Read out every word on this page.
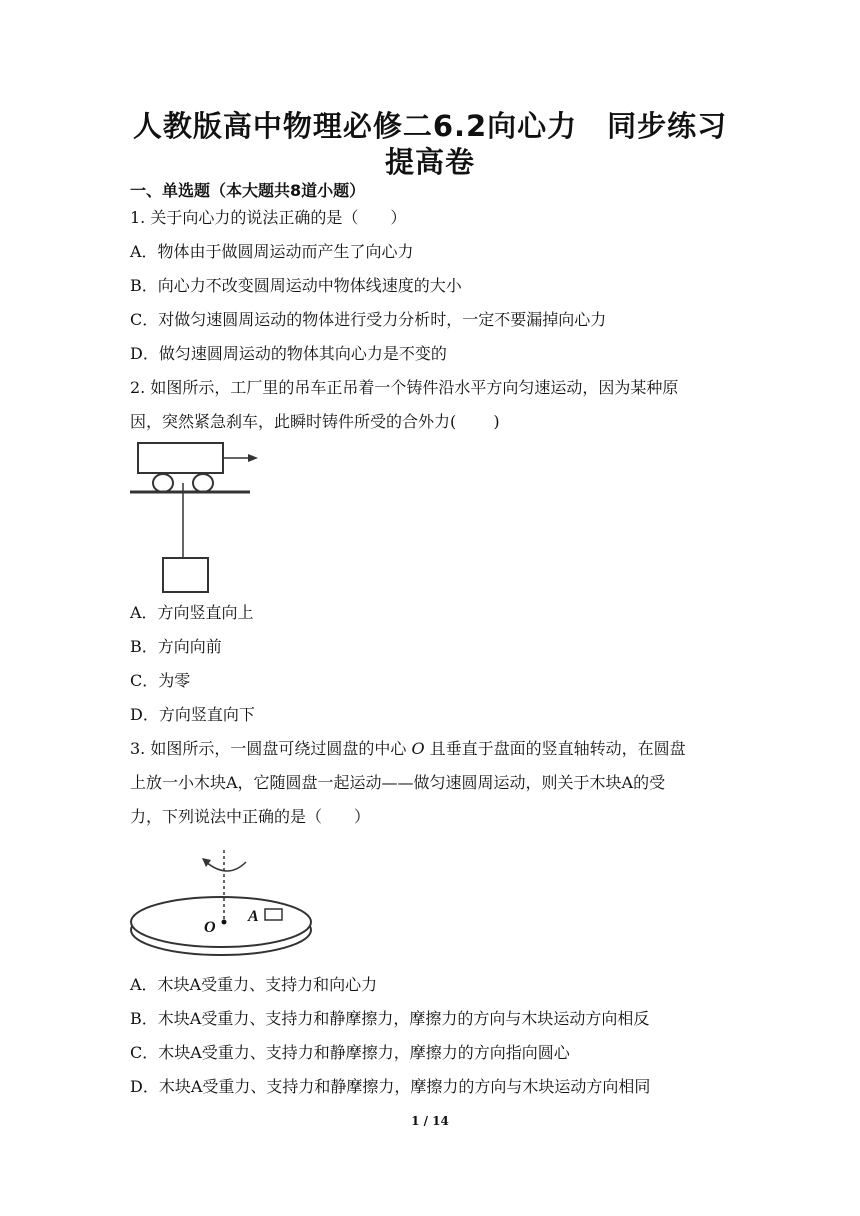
人教版高中物理必修二6.2向心力　同步练习
提高卷

一、单选题（本大题共8道小题）

1. 关于向心力的说法正确的是（　　）

A．物体由于做圆周运动而产生了向心力

B．向心力不改变圆周运动中物体线速度的大小

C．对做匀速圆周运动的物体进行受力分析时，一定不要漏掉向心力

D．做匀速圆周运动的物体其向心力是不变的

2. 如图所示，工厂里的吊车正吊着一个铸件沿水平方向匀速运动，因为某种原

因，突然紧急刹车，此瞬时铸件所受的合外力(　　 )

A．方向竖直向上

B．方向向前

C．为零

D．方向竖直向下

3. 如图所示，一圆盘可绕过圆盘的中心 O 且垂直于盘面的竖直轴转动，在圆盘

上放一小木块A，它随圆盘一起运动——做匀速圆周运动，则关于木块A的受

力，下列说法中正确的是（　　）

O
A

A．木块A受重力、支持力和向心力

B．木块A受重力、支持力和静摩擦力，摩擦力的方向与木块运动方向相反

C．木块A受重力、支持力和静摩擦力，摩擦力的方向指向圆心

D．木块A受重力、支持力和静摩擦力，摩擦力的方向与木块运动方向相同

1 / 14
